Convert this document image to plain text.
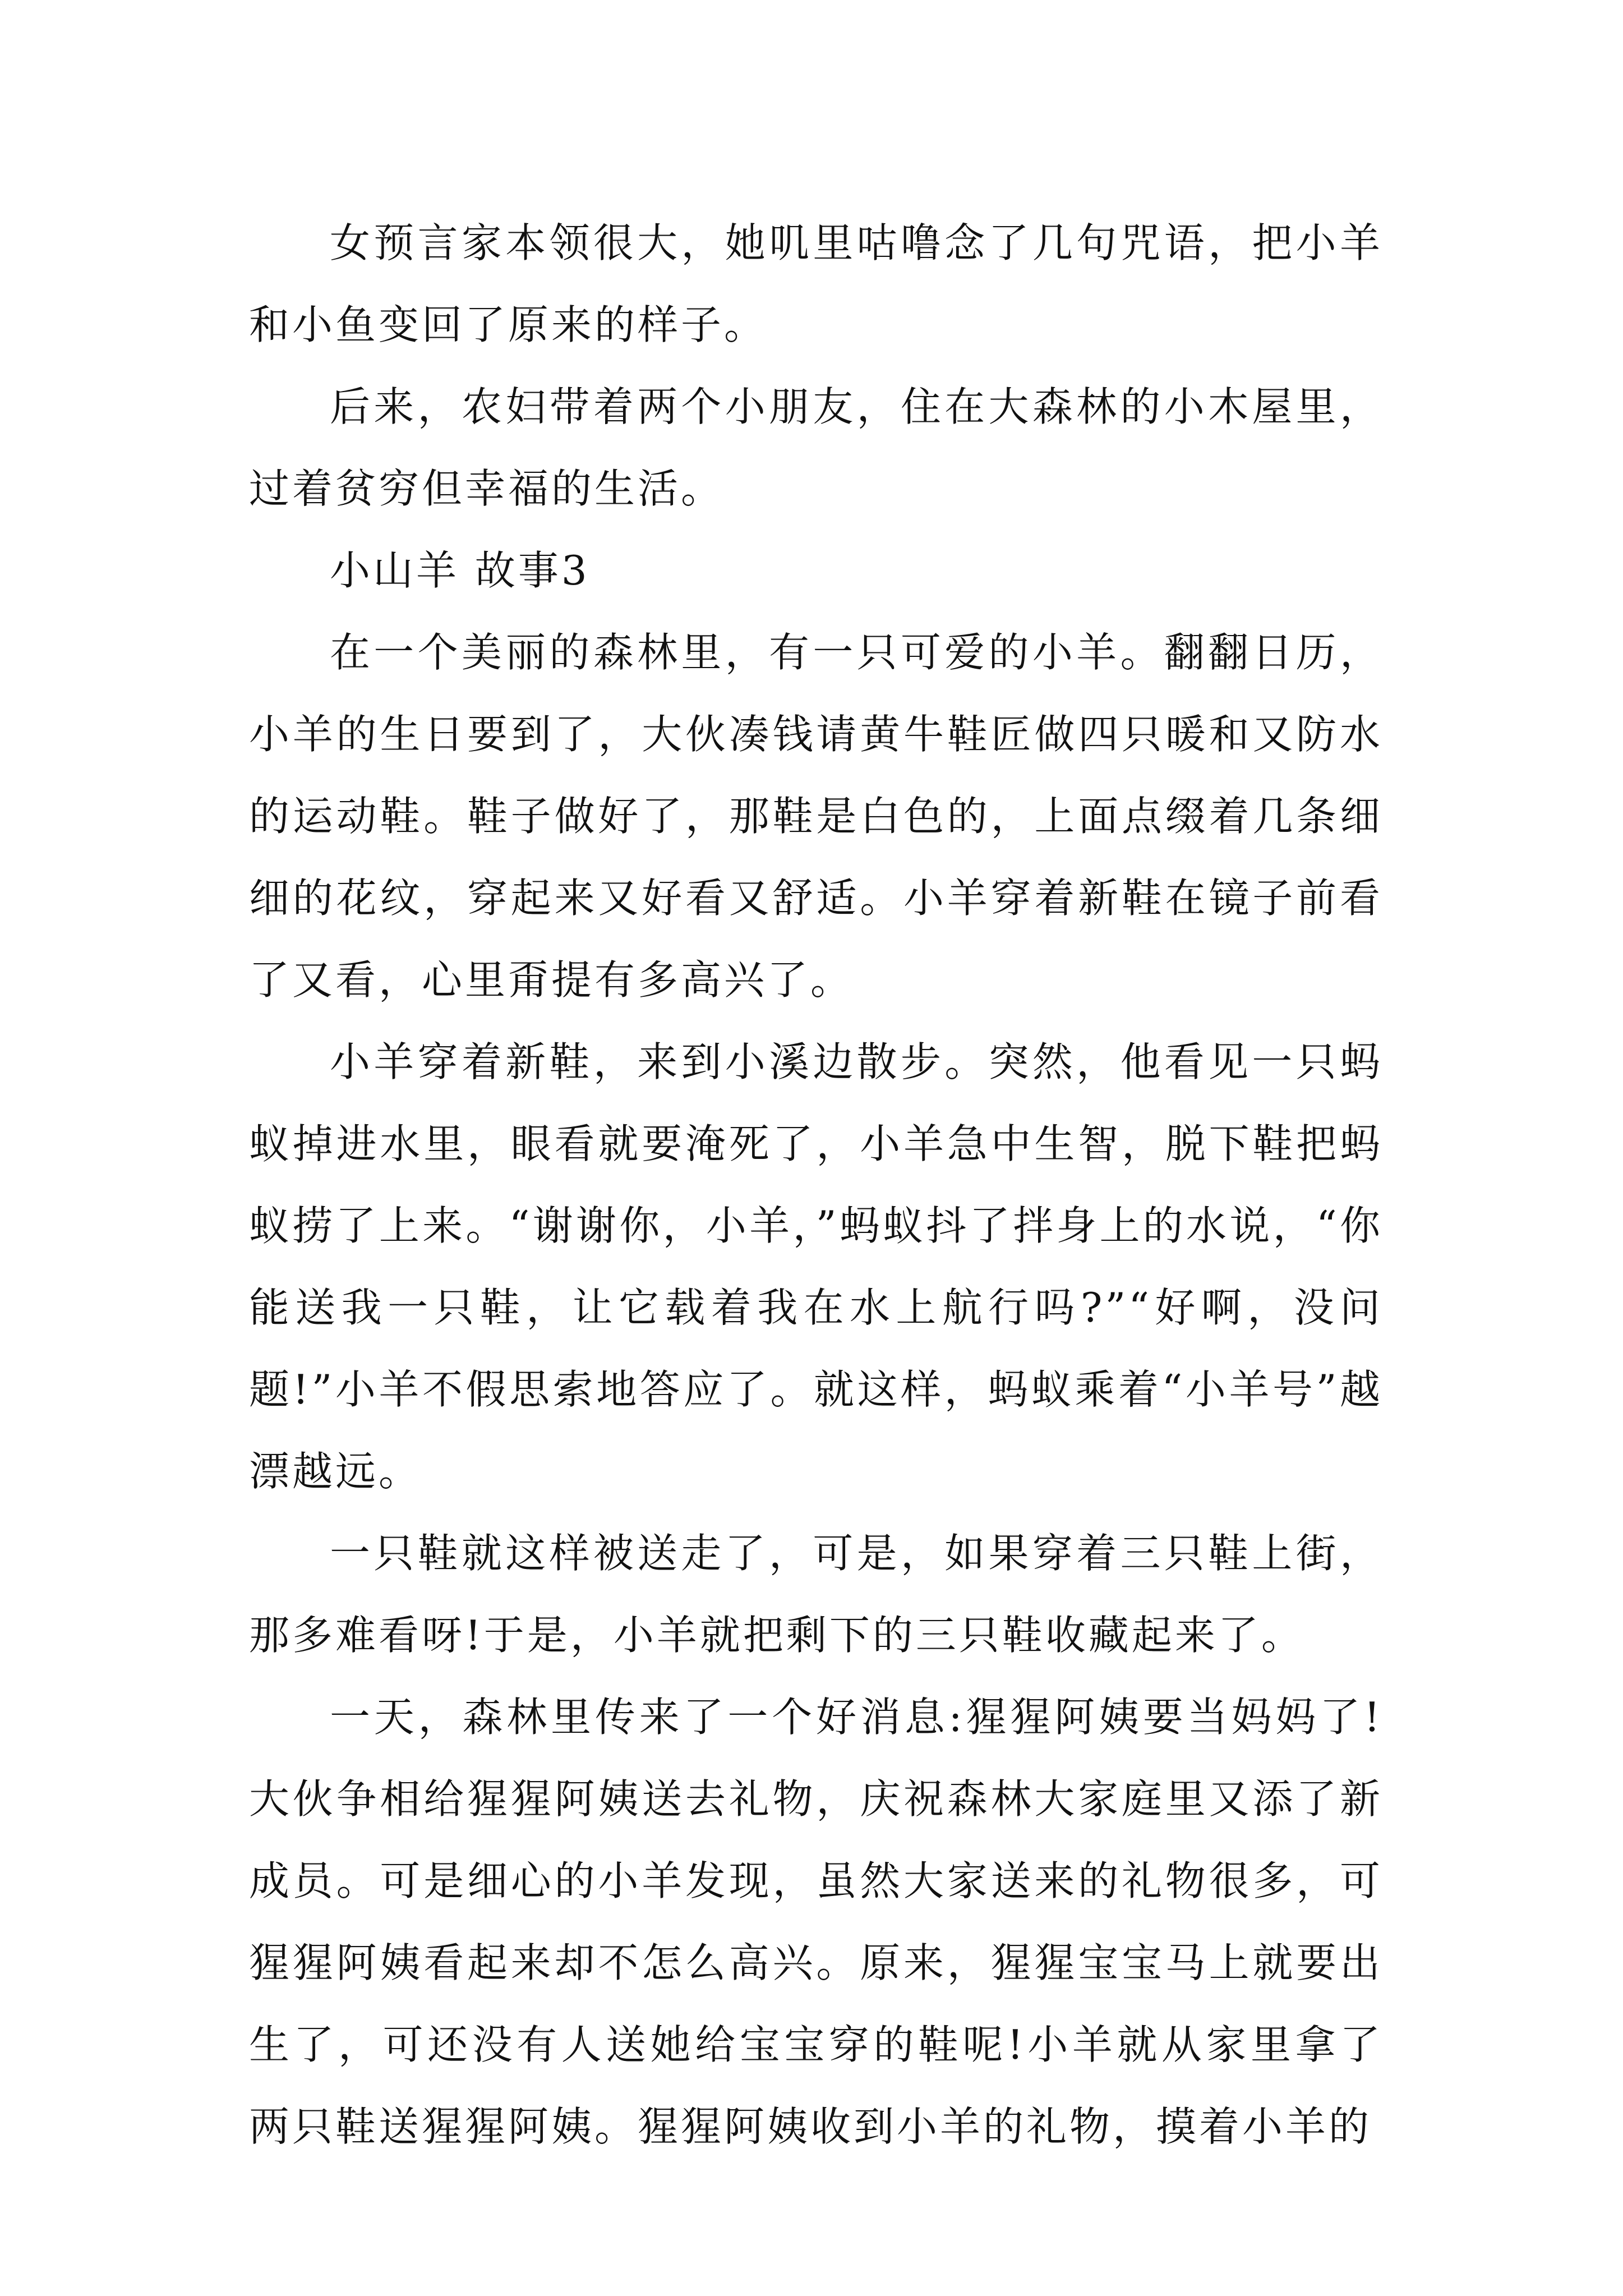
女预言家本领很大，她叽里咕噜念了几句咒语，把小羊和小鱼变回了原来的样子。

后来，农妇带着两个小朋友，住在大森林的小木屋里，过着贫穷但幸福的生活。

小山羊 故事3

在一个美丽的森林里，有一只可爱的小羊。翻翻日历，小羊的生日要到了，大伙凑钱请黄牛鞋匠做四只暖和又防水的运动鞋。鞋子做好了，那鞋是白色的，上面点缀着几条细细的花纹，穿起来又好看又舒适。小羊穿着新鞋在镜子前看了又看，心里甭提有多高兴了。

小羊穿着新鞋，来到小溪边散步。突然，他看见一只蚂蚁掉进水里，眼看就要淹死了，小羊急中生智，脱下鞋把蚂蚁捞了上来。“谢谢你，小羊，”蚂蚁抖了拌身上的水说，“你能送我一只鞋，让它载着我在水上航行吗?”“好啊，没问题!”小羊不假思索地答应了。就这样，蚂蚁乘着“小羊号”越漂越远。

一只鞋就这样被送走了，可是，如果穿着三只鞋上街，那多难看呀!于是，小羊就把剩下的三只鞋收藏起来了。

一天，森林里传来了一个好消息:猩猩阿姨要当妈妈了!大伙争相给猩猩阿姨送去礼物，庆祝森林大家庭里又添了新成员。可是细心的小羊发现，虽然大家送来的礼物很多，可猩猩阿姨看起来却不怎么高兴。原来，猩猩宝宝马上就要出生了，可还没有人送她给宝宝穿的鞋呢!小羊就从家里拿了两只鞋送猩猩阿姨。猩猩阿姨收到小羊的礼物，摸着小羊的
